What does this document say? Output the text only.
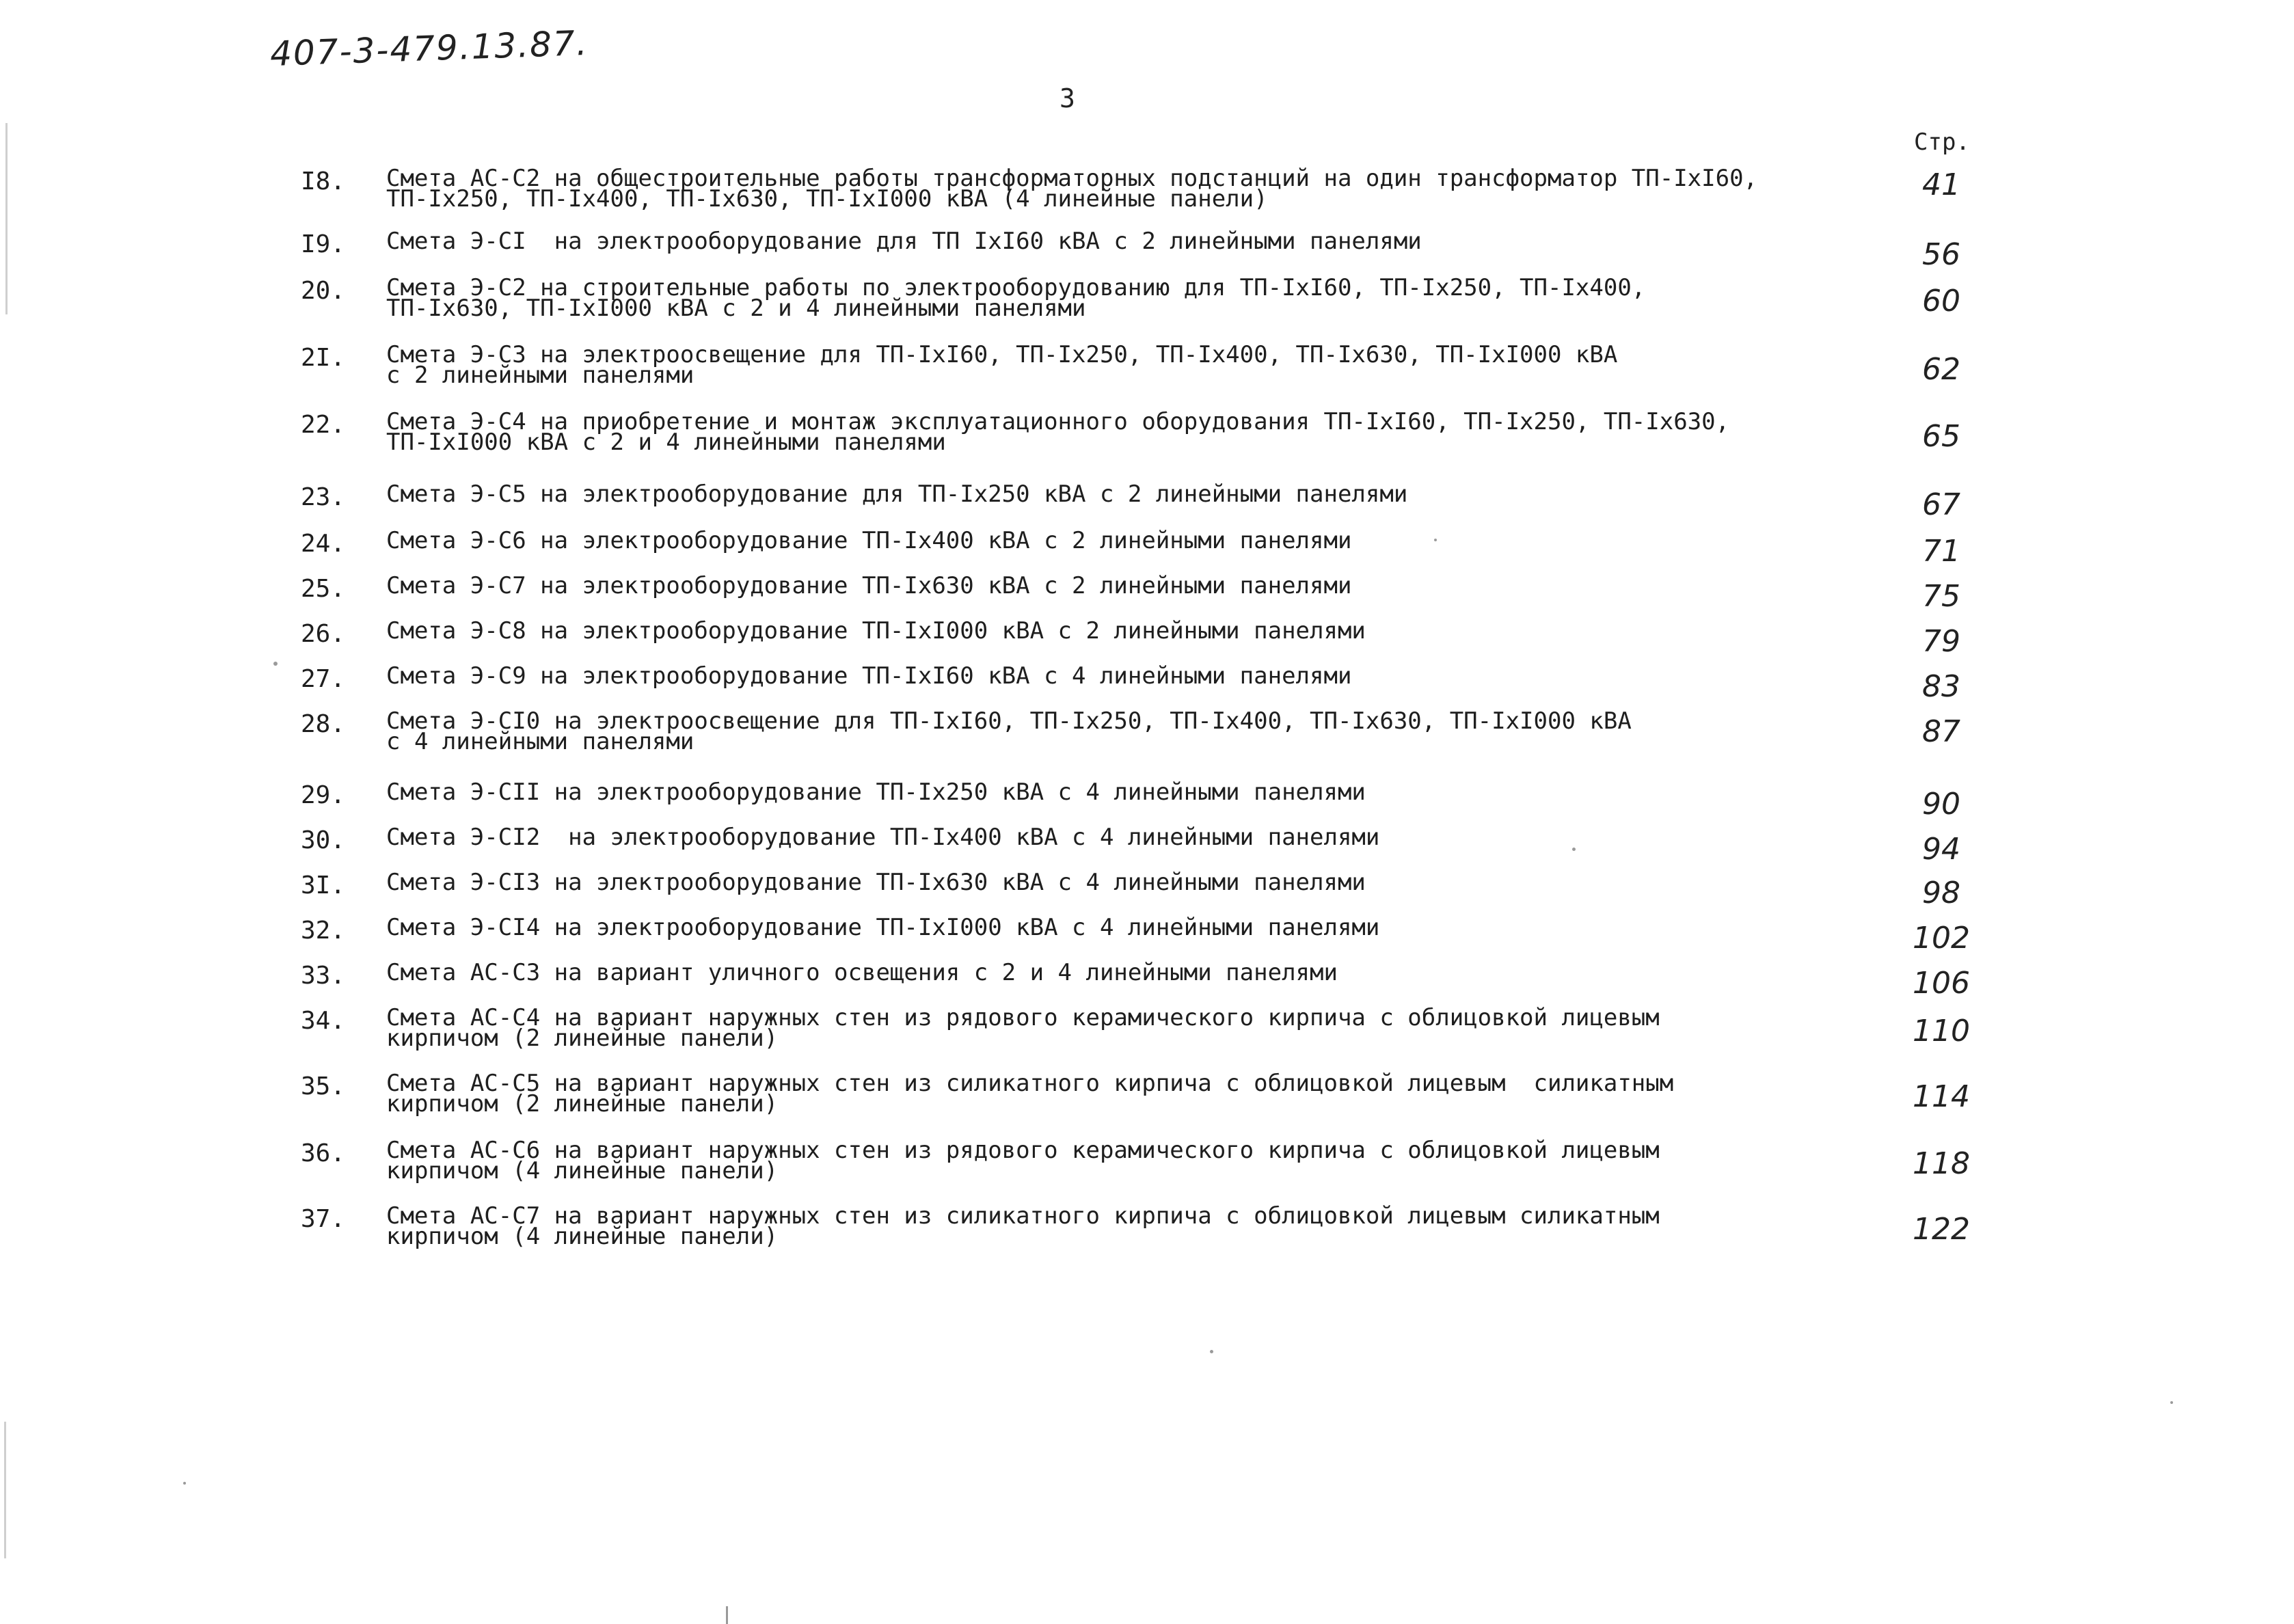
407-3-479.13.87.
3
Стр.
I8. Смета АС-С2 на общестроительные работы трансформаторных подстанций на один трансформатор ТП-IхI60,
ТП-Iх250, ТП-Iх400, ТП-Iх630, ТП-IхI000 кВА (4 линейные панели)	41
I9. Смета Э-СI  на электрооборудование для ТП IхI60 кВА с 2 линейными панелями	56
20. Смета Э-С2 на строительные работы по электрооборудованию для ТП-IхI60, ТП-Iх250, ТП-Iх400,
ТП-Iх630, ТП-IхI000 кВА с 2 и 4 линейными панелями	60
2I. Смета Э-С3 на электроосвещение для ТП-IхI60, ТП-Iх250, ТП-Iх400, ТП-Iх630, ТП-IхI000 кВА
с 2 линейными панелями	62
22. Смета Э-С4 на приобретение и монтаж эксплуатационного оборудования ТП-IхI60, ТП-Iх250, ТП-Iх630,
ТП-IхI000 кВА с 2 и 4 линейными панелями	65
23. Смета Э-С5 на электрооборудование для ТП-Iх250 кВА с 2 линейными панелями	67
24. Смета Э-С6 на электрооборудование ТП-Iх400 кВА с 2 линейными панелями	71
25. Смета Э-С7 на электрооборудование ТП-Iх630 кВА с 2 линейными панелями	75
26. Смета Э-С8 на электрооборудование ТП-IхI000 кВА с 2 линейными панелями	79
27. Смета Э-С9 на электрооборудование ТП-IхI60 кВА с 4 линейными панелями	83
28. Смета Э-СI0 на электроосвещение для ТП-IхI60, ТП-Iх250, ТП-Iх400, ТП-Iх630, ТП-IхI000 кВА
с 4 линейными панелями	87
29. Смета Э-СII на электрооборудование ТП-Iх250 кВА с 4 линейными панелями	90
30. Смета Э-СI2  на электрооборудование ТП-Iх400 кВА с 4 линейными панелями	94
3I. Смета Э-СI3 на электрооборудование ТП-Iх630 кВА с 4 линейными панелями	98
32. Смета Э-СI4 на электрооборудование ТП-IхI000 кВА с 4 линейными панелями	102
33. Смета АС-С3 на вариант уличного освещения с 2 и 4 линейными панелями	106
34. Смета АС-С4 на вариант наружных стен из рядового керамического кирпича с облицовкой лицевым
кирпичом (2 линейные панели)	110
35. Смета АС-С5 на вариант наружных стен из силикатного кирпича с облицовкой лицевым  силикатным
кирпичом (2 линейные панели)	114
36. Смета АС-С6 на вариант наружных стен из рядового керамического кирпича с облицовкой лицевым
кирпичом (4 линейные панели)	118
37. Смета АС-С7 на вариант наружных стен из силикатного кирпича с облицовкой лицевым силикатным
кирпичом (4 линейные панели)	122
